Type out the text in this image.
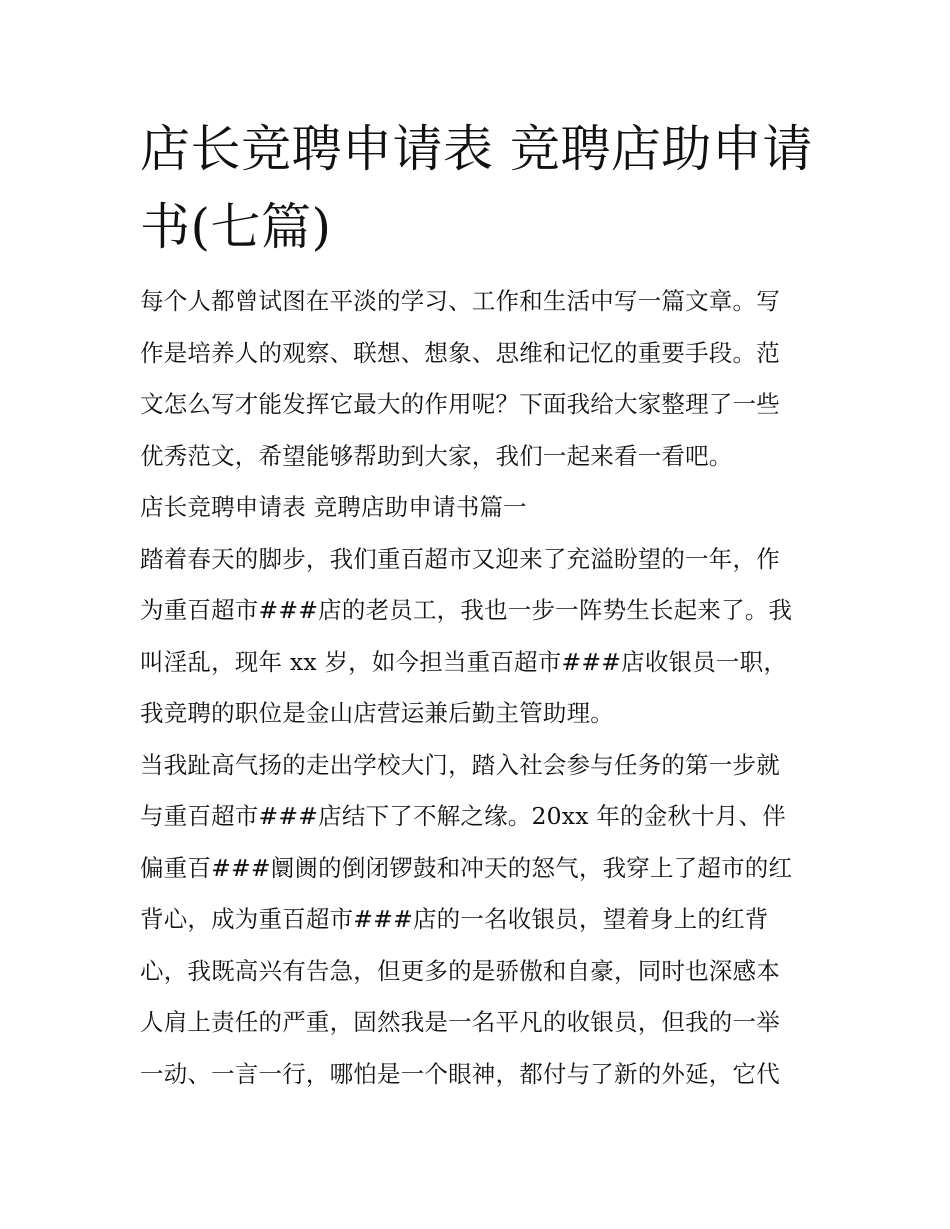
店长竞聘申请表 竞聘店助申请
书(七篇)

每个人都曾试图在平淡的学习、工作和生活中写一篇文章。写
作是培养人的观察、联想、想象、思维和记忆的重要手段。范
文怎么写才能发挥它最大的作用呢？下面我给大家整理了一些
优秀范文，希望能够帮助到大家，我们一起来看一看吧。

店长竞聘申请表 竞聘店助申请书篇一

踏着春天的脚步，我们重百超市又迎来了充溢盼望的一年，作
为重百超市###店的老员工，我也一步一阵势生长起来了。我
叫淫乱，现年 xx 岁，如今担当重百超市###店收银员一职，
我竞聘的职位是金山店营运兼后勤主管助理。

当我趾高气扬的走出学校大门，踏入社会参与任务的第一步就
与重百超市###店结下了不解之缘。20xx 年的金秋十月、伴
偏重百###阛阓的倒闭锣鼓和冲天的怒气，我穿上了超市的红
背心，成为重百超市###店的一名收银员，望着身上的红背
心，我既高兴有告急，但更多的是骄傲和自豪，同时也深感本
人肩上责任的严重，固然我是一名平凡的收银员，但我的一举
一动、一言一行，哪怕是一个眼神，都付与了新的外延，它代
